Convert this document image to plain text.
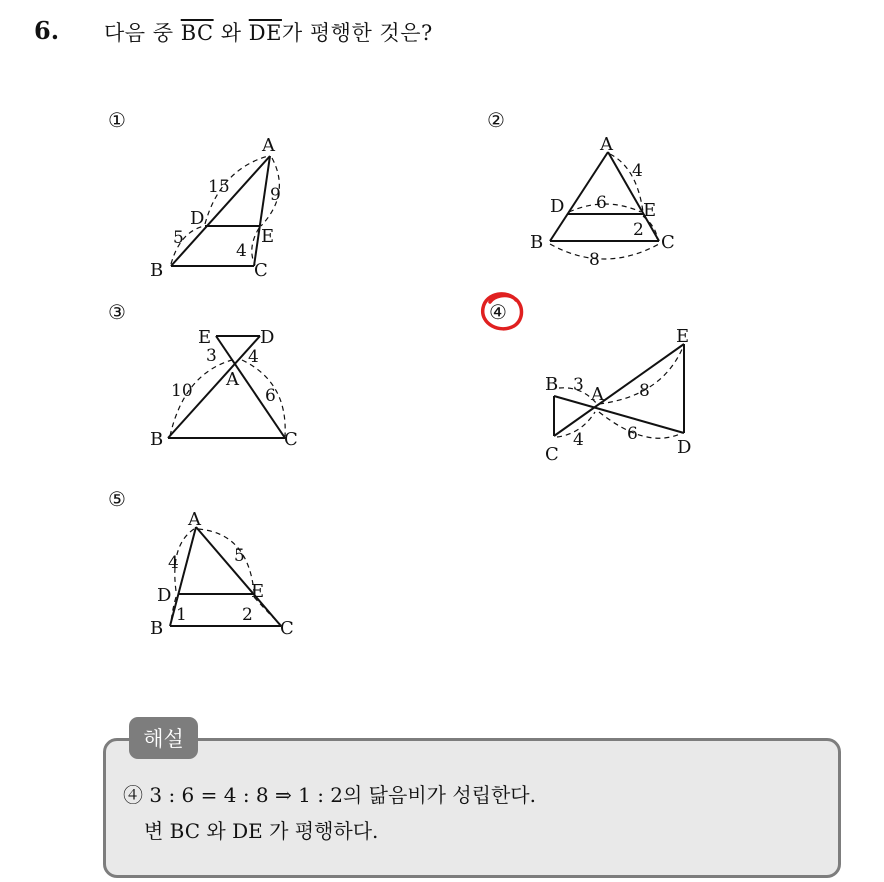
6. 다음 중 $\overline{BC}$ 와 $\overline{DE}$가 평행한 것은?
①
A
D
E
B	C
15
5
9
4
②
A
D	E
B	C
4
6
2
8
③
E	D
A
B	C
3 4
10	6
④
B A
E
C	D
3	8
4	6
⑤
A
D	E
B	C
4	5
1	2
④ 3 : 6 = 4 : 8 ⇒ 1 : 2의 닮음비가 성립한다.
변 BC 와 DE 가 평행하다.
해설
